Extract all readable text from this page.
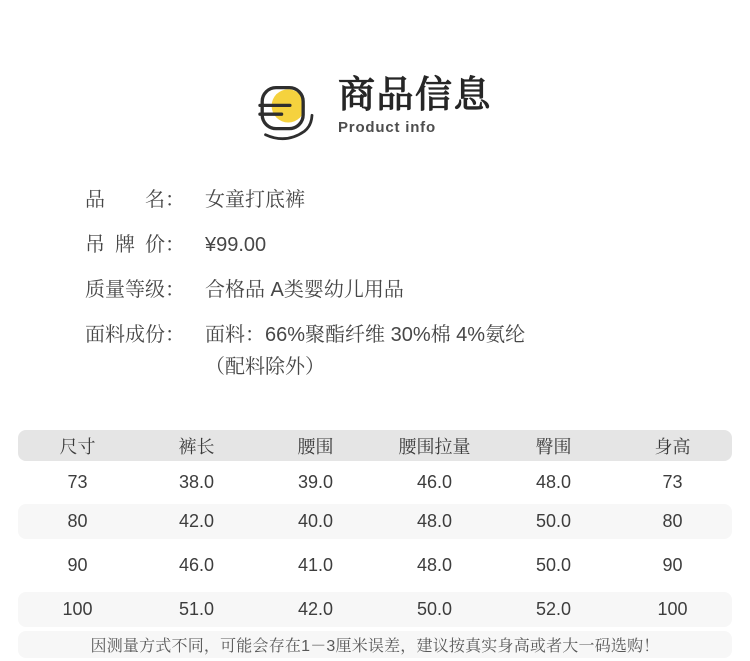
商品信息
Product info
品名 ： 女童打底裤
吊牌价 ： ¥99.00
质量等级 ： 合格品 A类婴幼儿用品
面料成份 ： 面料：66%聚酯纤维 30%棉 4%氨纶
（配料除外）
尺寸	裤长	腰围	腰围拉量	臀围	身高
73	38.0	39.0	46.0	48.0	73
80	42.0	40.0	48.0	50.0	80
90	46.0	41.0	48.0	50.0	90
100	51.0	42.0	50.0	52.0	100
因测量方式不同，可能会存在1－3厘米误差，建议按真实身高或者大一码选购！
